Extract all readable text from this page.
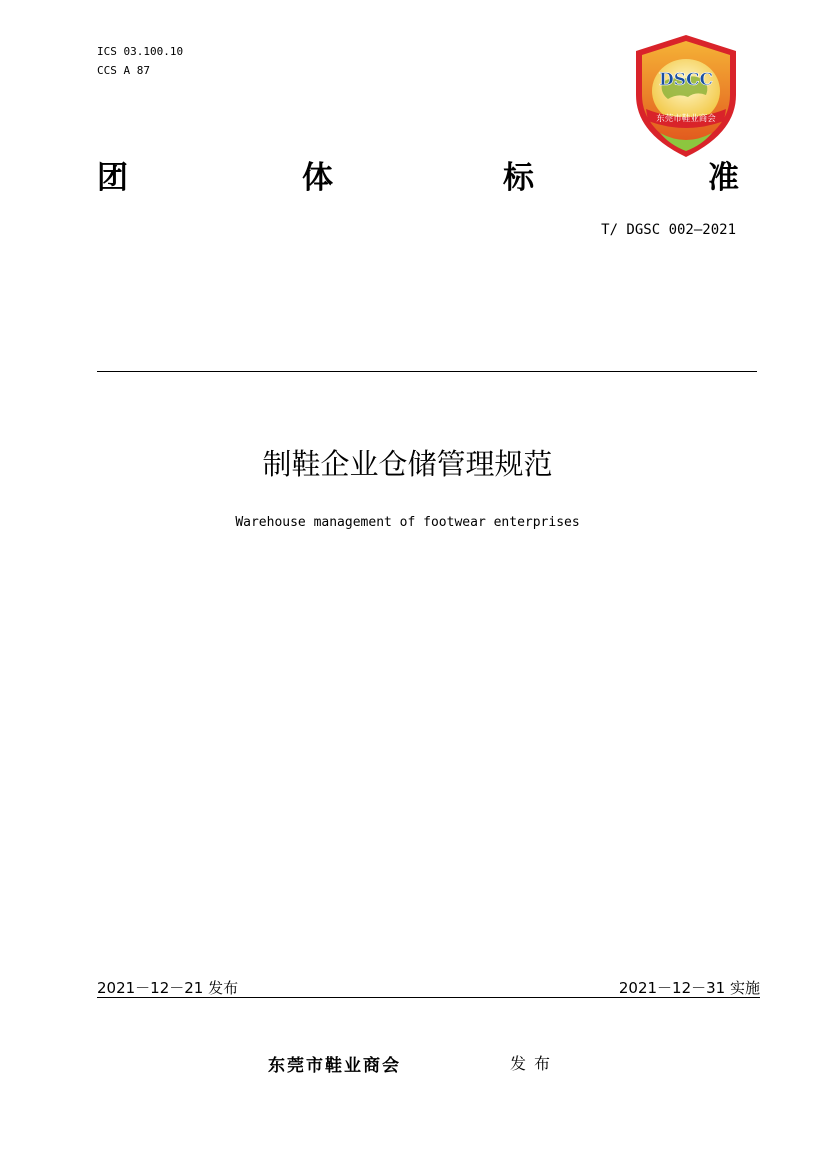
ICS 03.100.10
CCS A 87	DSCC
东莞市鞋业商会
团	体	标	准
T/ DGSC 002—2021
制鞋企业仓储管理规范
Warehouse management of footwear enterprises
2021－12－21 发布	2021－12－31 实施
东莞市鞋业商会	发布
